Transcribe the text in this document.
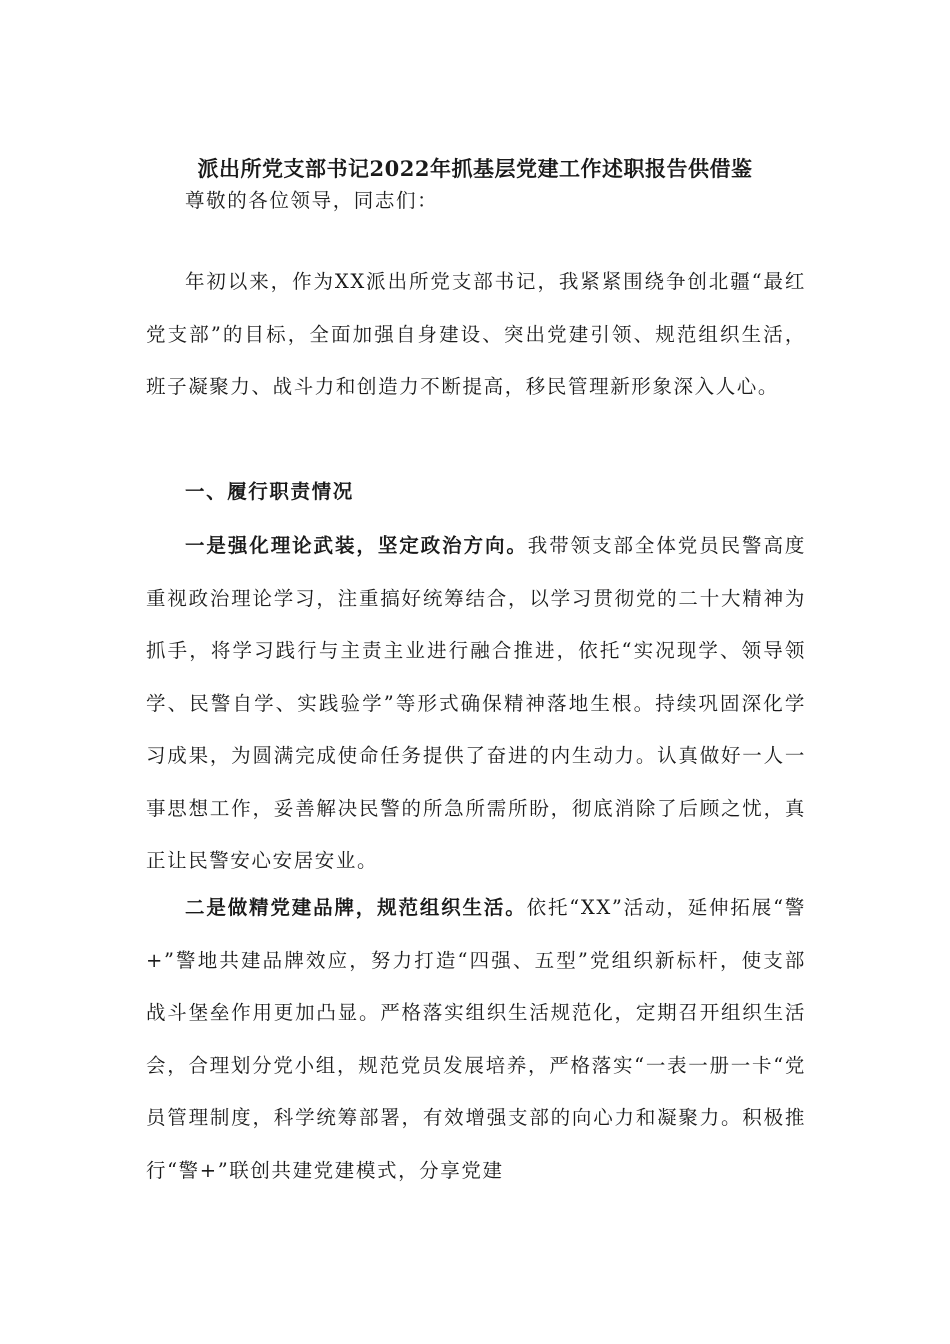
派出所党支部书记2022年抓基层党建工作述职报告供借鉴
尊敬的各位领导，同志们：
年初以来，作为XX派出所党支部书记，我紧紧围绕争创北疆“最红党支部”的目标，全面加强自身建设、突出党建引领、规范组织生活，班子凝聚力、战斗力和创造力不断提高，移民管理新形象深入人心。
一、履行职责情况
一是强化理论武装，坚定政治方向。我带领支部全体党员民警高度重视政治理论学习，注重搞好统筹结合，以学习贯彻党的二十大精神为抓手，将学习践行与主责主业进行融合推进，依托“实况现学、领导领学、民警自学、实践验学”等形式确保精神落地生根。持续巩固深化学习成果，为圆满完成使命任务提供了奋进的内生动力。认真做好一人一事思想工作，妥善解决民警的所急所需所盼，彻底消除了后顾之忧，真正让民警安心安居安业。
二是做精党建品牌，规范组织生活。依托“XX”活动，延伸拓展“警+”警地共建品牌效应，努力打造“四强、五型”党组织新标杆，使支部战斗堡垒作用更加凸显。严格落实组织生活规范化，定期召开组织生活会，合理划分党小组，规范党员发展培养，严格落实“一表一册一卡“党员管理制度，科学统筹部署，有效增强支部的向心力和凝聚力。积极推行“警+”联创共建党建模式，分享党建
